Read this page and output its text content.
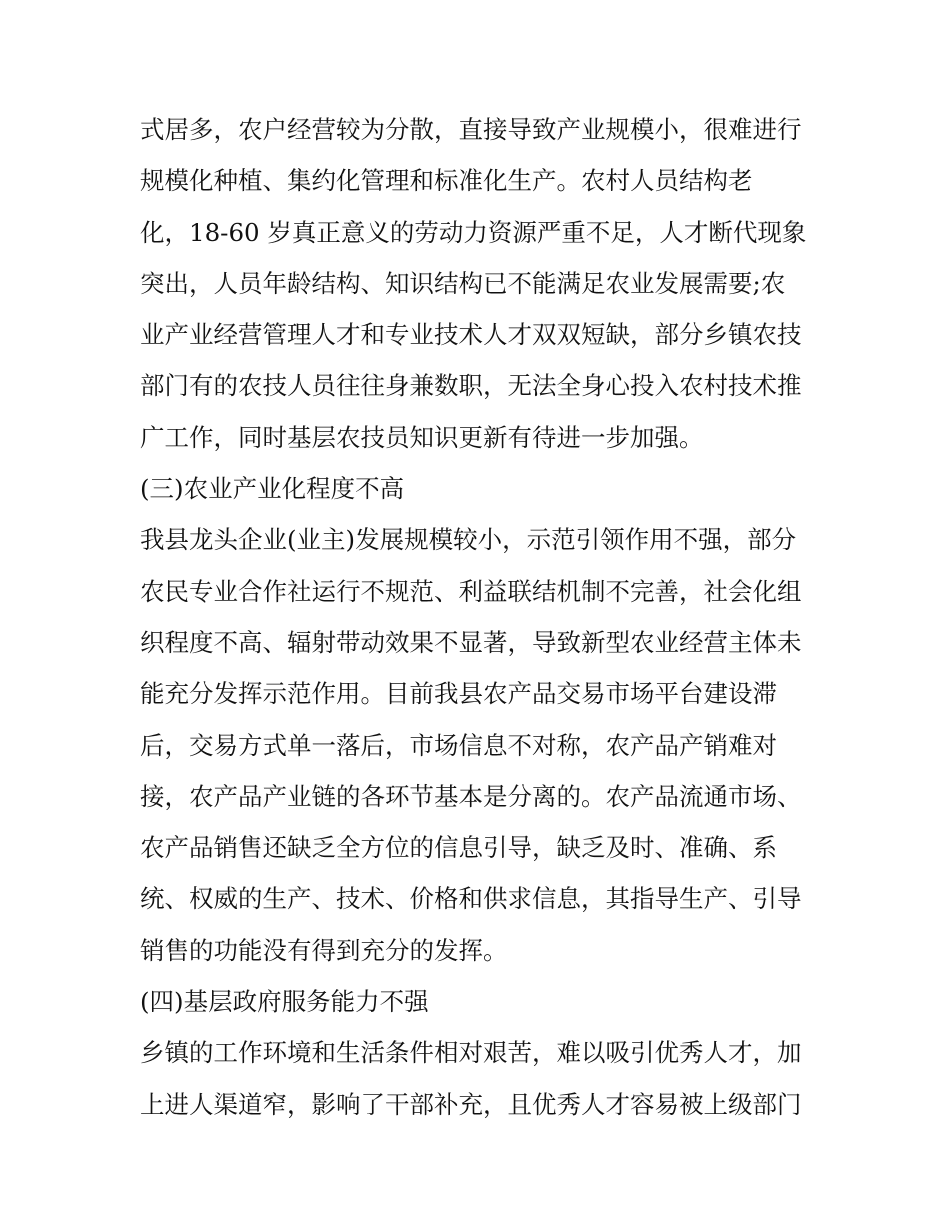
式居多，农户经营较为分散，直接导致产业规模小，很难进行
规模化种植、集约化管理和标准化生产。农村人员结构老
化，18-60 岁真正意义的劳动力资源严重不足，人才断代现象
突出，人员年龄结构、知识结构已不能满足农业发展需要;农
业产业经营管理人才和专业技术人才双双短缺，部分乡镇农技
部门有的农技人员往往身兼数职，无法全身心投入农村技术推
广工作，同时基层农技员知识更新有待进一步加强。
(三)农业产业化程度不高
我县龙头企业(业主)发展规模较小，示范引领作用不强，部分
农民专业合作社运行不规范、利益联结机制不完善，社会化组
织程度不高、辐射带动效果不显著，导致新型农业经营主体未
能充分发挥示范作用。目前我县农产品交易市场平台建设滞
后，交易方式单一落后，市场信息不对称，农产品产销难对
接，农产品产业链的各环节基本是分离的。农产品流通市场、
农产品销售还缺乏全方位的信息引导，缺乏及时、准确、系
统、权威的生产、技术、价格和供求信息，其指导生产、引导
销售的功能没有得到充分的发挥。
(四)基层政府服务能力不强
乡镇的工作环境和生活条件相对艰苦，难以吸引优秀人才，加
上进人渠道窄，影响了干部补充，且优秀人才容易被上级部门
